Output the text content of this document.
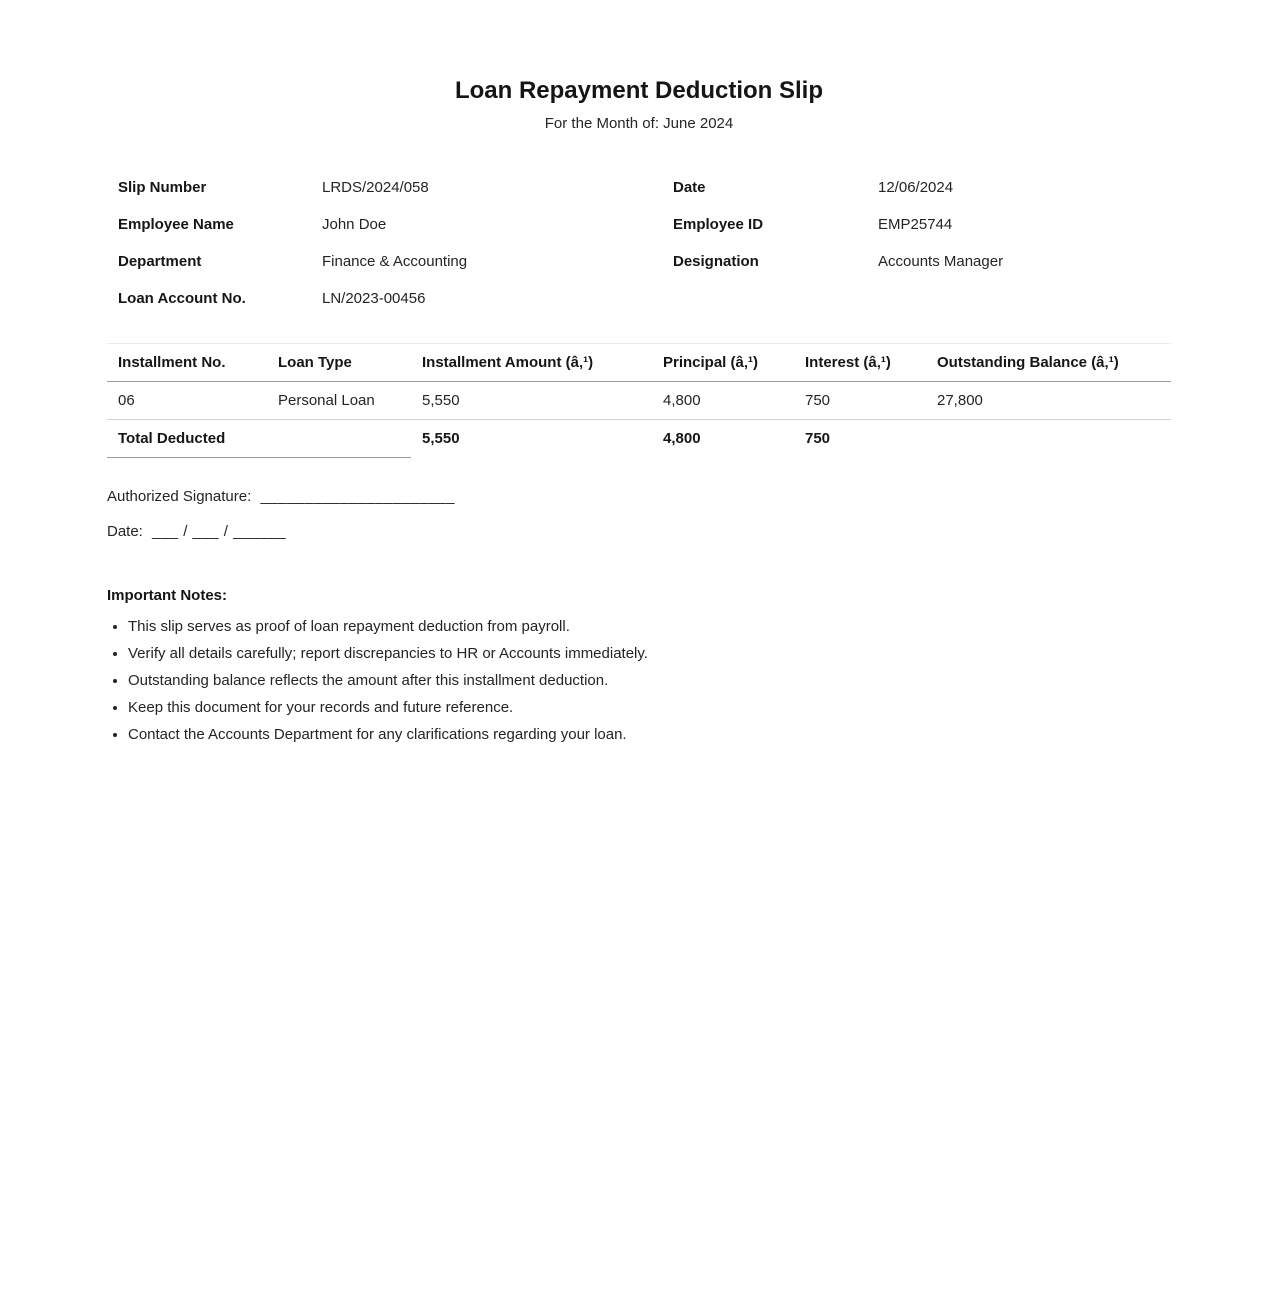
Loan Repayment Deduction Slip

For the Month of: June 2024

Slip Number	LRDS/2024/058
Employee Name	John Doe
Department	Finance & Accounting
Loan Account No.	LN/2023-00456
Date	12/06/2024
Employee ID	EMP25744
Designation	Accounts Manager
Installment No.	Loan Type	Installment Amount (â‚¹)	Principal (â‚¹)	Interest (â‚¹)	Outstanding Balance (â‚¹)
06	Personal Loan	5,550	4,800	750	27,800
Total Deducted		5,550	4,800	750	
Authorized Signature: ______________________
Date: ___ / ___ / ______

Important Notes:

• This slip serves as proof of loan repayment deduction from payroll.
• Verify all details carefully; report discrepancies to HR or Accounts immediately.
• Outstanding balance reflects the amount after this installment deduction.
• Keep this document for your records and future reference.
• Contact the Accounts Department for any clarifications regarding your loan.
